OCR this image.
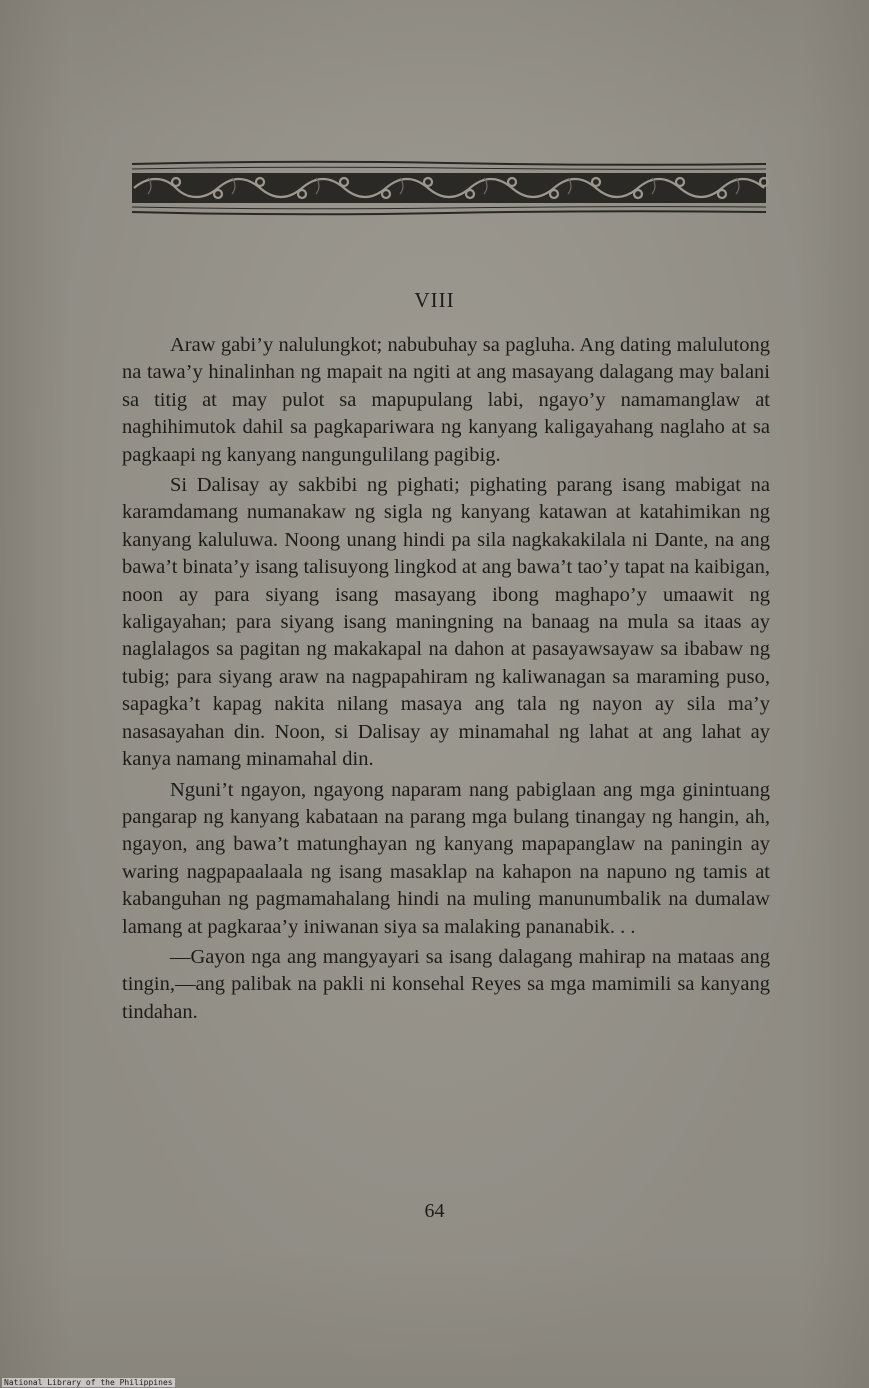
VIII

Araw gabi’y nalulungkot; nabubuhay sa pagluha. Ang dating malulutong na tawa’y hinalinhan ng mapait na ngiti at ang masayang dalagang may balani sa titig at may pulot sa mapupulang labi, ngayo’y namamanglaw at naghihimutok dahil sa pagkapariwara ng kanyang kaligayahang naglaho at sa pagkaapi ng kanyang nangungulilang pagibig.

Si Dalisay ay sakbibi ng pighati; pighating parang isang mabigat na karamdamang numanakaw ng sigla ng kanyang katawan at katahimikan ng kanyang kaluluwa. Noong unang hindi pa sila nagkakakilala ni Dante, na ang bawa’t binata’y isang talisuyong lingkod at ang bawa’t tao’y tapat na kaibigan, noon ay para siyang isang masayang ibong maghapo’y umaawit ng kaligayahan; para siyang isang maningning na banaag na mula sa itaas ay naglalagos sa pagitan ng makakapal na dahon at pasayawsayaw sa ibabaw ng tubig; para siyang araw na nagpapahiram ng kaliwanagan sa maraming puso, sapagka’t kapag nakita nilang masaya ang tala ng nayon ay sila ma’y nasasayahan din. Noon, si Dalisay ay minamahal ng lahat at ang lahat ay kanya namang minamahal din.

Nguni’t ngayon, ngayong naparam nang pabiglaan ang mga ginintuang pangarap ng kanyang kabataan na parang mga bulang tinangay ng hangin, ah, ngayon, ang bawa’t matunghayan ng kanyang mapapanglaw na paningin ay waring nagpapaalaala ng isang masaklap na kahapon na napuno ng tamis at kabanguhan ng pagmamahalang hindi na muling manunumbalik na dumalaw lamang at pagkaraa’y iniwanan siya sa malaking pananabik. . .

—Gayon nga ang mangyayari sa isang dalagang mahirap na mataas ang tingin,—ang palibak na pakli ni konsehal Reyes sa mga mamimili sa kanyang tindahan.

64
National Library of the Philippines
